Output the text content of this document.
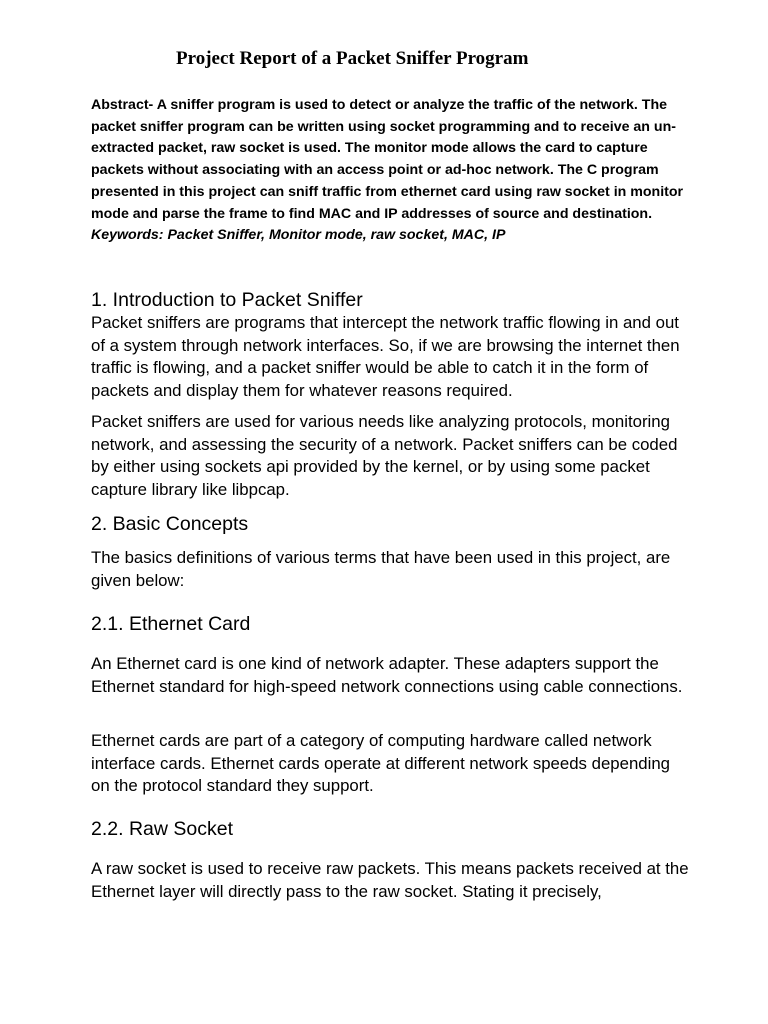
Project Report of a Packet Sniffer Program

Abstract- A sniffer program is used to detect or analyze the traffic of the network. The packet sniffer program can be written using socket programming and to receive an un-extracted packet, raw socket is used. The monitor mode allows the card to capture packets without associating with an access point or ad-hoc network. The C program presented in this project can sniff traffic from ethernet card using raw socket in monitor mode and parse the frame to find MAC and IP addresses of source and destination.

Keywords: Packet Sniffer, Monitor mode, raw socket, MAC, IP

1. Introduction to Packet Sniffer

Packet sniffers are programs that intercept the network traffic flowing in and out of a system through network interfaces. So, if we are browsing the internet then traffic is flowing, and a packet sniffer would be able to catch it in the form of packets and display them for whatever reasons required.

Packet sniffers are used for various needs like analyzing protocols, monitoring network, and assessing the security of a network. Packet sniffers can be coded by either using sockets api provided by the kernel, or by using some packet capture library like libpcap.

2. Basic Concepts

The basics definitions of various terms that have been used in this project, are given below:

2.1. Ethernet Card

An Ethernet card is one kind of network adapter. These adapters support the Ethernet standard for high-speed network connections using cable connections.

Ethernet cards are part of a category of computing hardware called network interface cards. Ethernet cards operate at different network speeds depending on the protocol standard they support.

2.2. Raw Socket

A raw socket is used to receive raw packets. This means packets received at the Ethernet layer will directly pass to the raw socket. Stating it precisely,
